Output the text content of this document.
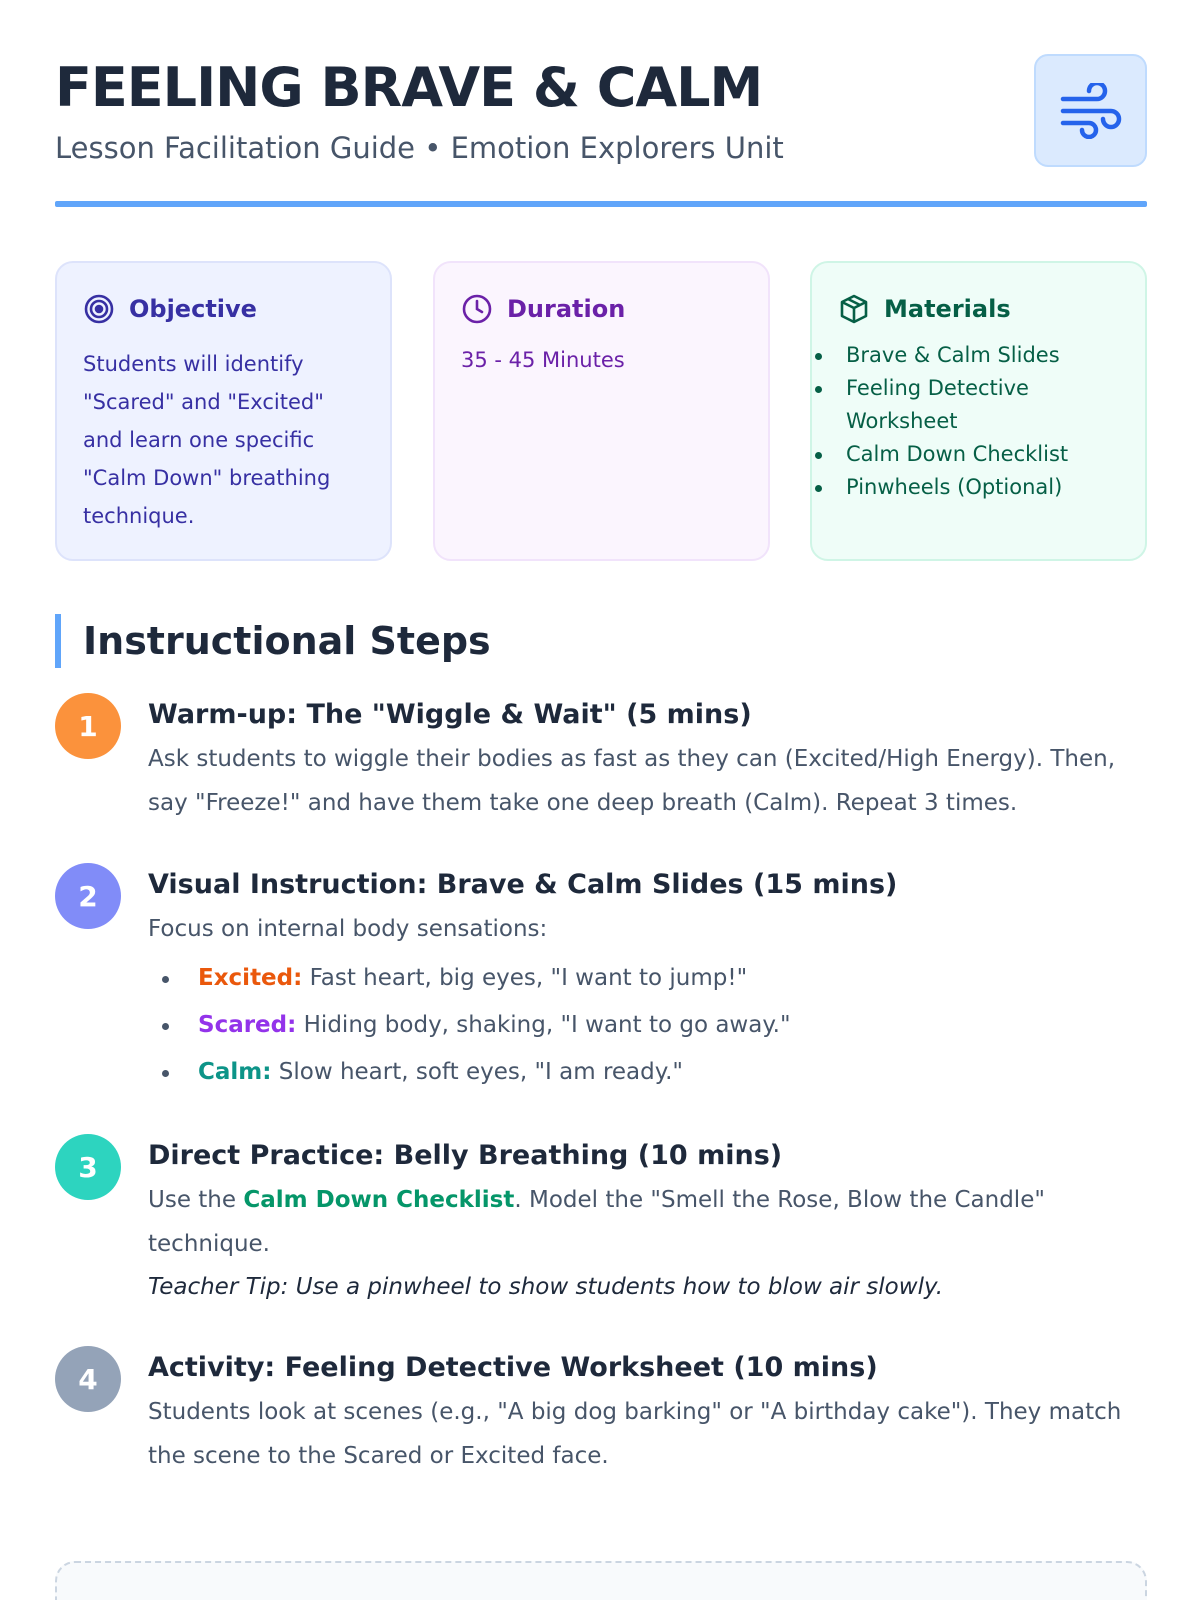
FEELING BRAVE & CALM
Lesson Facilitation Guide • Emotion Explorers Unit
Objective
Students will identify "Scared" and "Excited" and learn one specific "Calm Down" breathing technique.
Duration
35 - 45 Minutes
Materials
Brave & Calm Slides
Feeling Detective Worksheet
Calm Down Checklist
Pinwheels (Optional)
Instructional Steps
1	Warm-up: The "Wiggle & Wait" (5 mins)
Ask students to wiggle their bodies as fast as they can (Excited/High Energy). Then, say "Freeze!" and have them take one deep breath (Calm). Repeat 3 times.
2	Visual Instruction: Brave & Calm Slides (15 mins)
Focus on internal body sensations:
Excited: Fast heart, big eyes, "I want to jump!"
Scared: Hiding body, shaking, "I want to go away."
Calm: Slow heart, soft eyes, "I am ready."
3	Direct Practice: Belly Breathing (10 mins)
Use the Calm Down Checklist. Model the "Smell the Rose, Blow the Candle" technique.
Teacher Tip: Use a pinwheel to show students how to blow air slowly.
4	Activity: Feeling Detective Worksheet (10 mins)
Students look at scenes (e.g., "A big dog barking" or "A birthday cake"). They match the scene to the Scared or Excited face.
